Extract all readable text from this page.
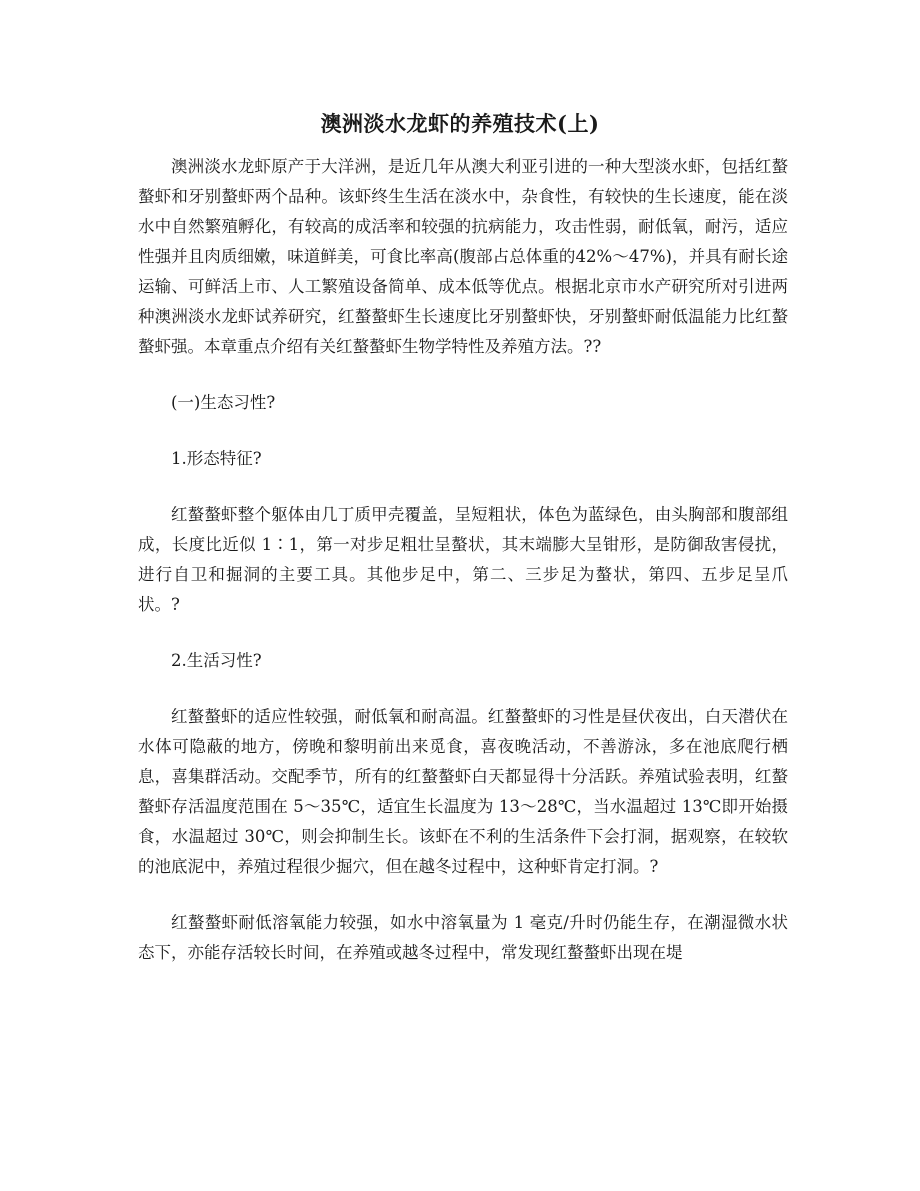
澳洲淡水龙虾的养殖技术(上)

澳洲淡水龙虾原产于大洋洲，是近几年从澳大利亚引进的一种大型淡水虾，包括红螯螯虾和牙别螯虾两个品种。该虾终生生活在淡水中，杂食性，有较快的生长速度，能在淡水中自然繁殖孵化，有较高的成活率和较强的抗病能力，攻击性弱，耐低氧，耐污，适应性强并且肉质细嫩，味道鲜美，可食比率高(腹部占总体重的42%～47%)，并具有耐长途运输、可鲜活上市、人工繁殖设备简单、成本低等优点。根据北京市水产研究所对引进两种澳洲淡水龙虾试养研究，红螯螯虾生长速度比牙别螯虾快，牙别螯虾耐低温能力比红螯螯虾强。本章重点介绍有关红螯螯虾生物学特性及养殖方法。??

(一)生态习性?

1.形态特征?

红螯螯虾整个躯体由几丁质甲壳覆盖，呈短粗状，体色为蓝绿色，由头胸部和腹部组成，长度比近似 1∶1，第一对步足粗壮呈螯状，其末端膨大呈钳形，是防御敌害侵扰，进行自卫和掘洞的主要工具。其他步足中，第二、三步足为螯状，第四、五步足呈爪状。?

2.生活习性?

红螯螯虾的适应性较强，耐低氧和耐高温。红螯螯虾的习性是昼伏夜出，白天潜伏在水体可隐蔽的地方，傍晚和黎明前出来觅食，喜夜晚活动，不善游泳，多在池底爬行栖息，喜集群活动。交配季节，所有的红螯螯虾白天都显得十分活跃。养殖试验表明，红螯螯虾存活温度范围在 5～35℃，适宜生长温度为 13～28℃，当水温超过 13℃即开始摄食，水温超过 30℃，则会抑制生长。该虾在不利的生活条件下会打洞，据观察，在较软的池底泥中，养殖过程很少掘穴，但在越冬过程中，这种虾肯定打洞。?

红螯螯虾耐低溶氧能力较强，如水中溶氧量为 1 毫克/升时仍能生存，在潮湿微水状态下，亦能存活较长时间，在养殖或越冬过程中，常发现红螯螯虾出现在堤
